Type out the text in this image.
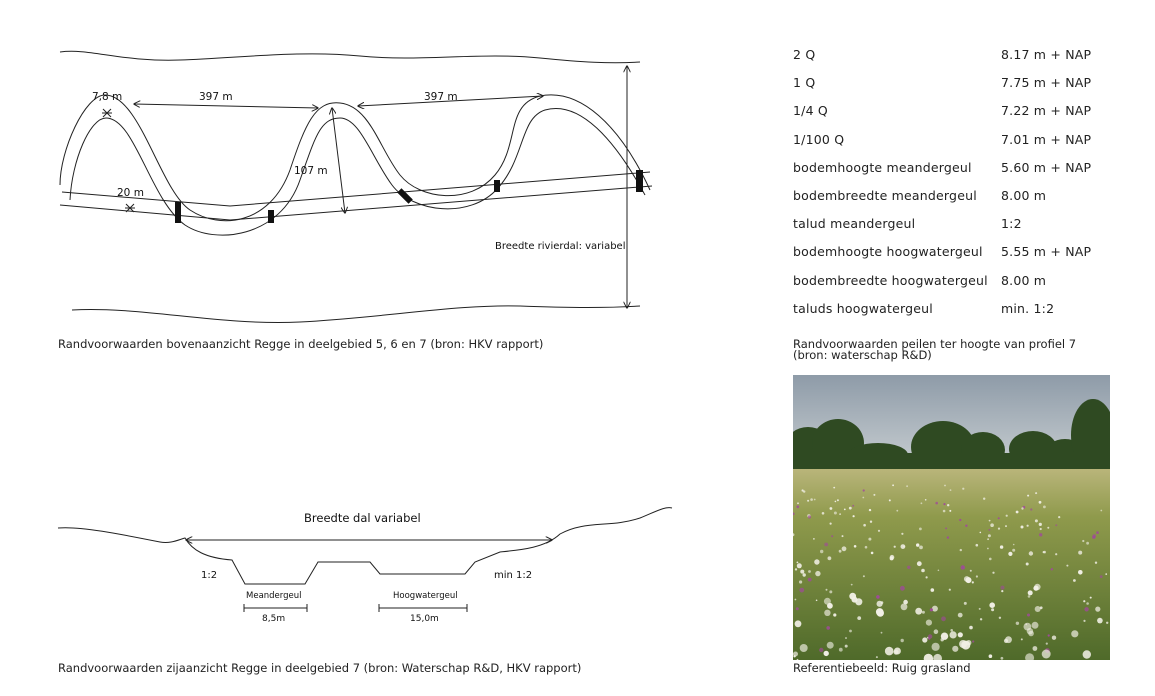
7,8 m	397 m	397 m
107 m
20 m
Breedte rivierdal: variabel
Randvoorwaarden bovenaanzicht Regge in deelgebied 5, 6 en 7 (bron: HKV rapport)
Breedte dal variabel
1:2	min 1:2
Meandergeul
8,5m
Hoogwatergeul
15,0m
Randvoorwaarden zijaanzicht Regge in deelgebied 7 (bron: Waterschap R&D, HKV rapport)
2 Q	8.17 m + NAP
1 Q	7.75 m + NAP
1/4 Q	7.22 m + NAP
1/100 Q	7.01 m + NAP
bodemhoogte meandergeul 5.60 m + NAP
bodembreedte meandergeul 8.00 m
talud meandergeul	1:2
bodemhoogte hoogwatergeul 5.55 m + NAP
bodembreedte hoogwatergeul 8.00 m
taluds hoogwatergeul	min. 1:2
Randvoorwaarden peilen ter hoogte van profiel 7
(bron: waterschap R&D)
Referentiebeeld: Ruig grasland
